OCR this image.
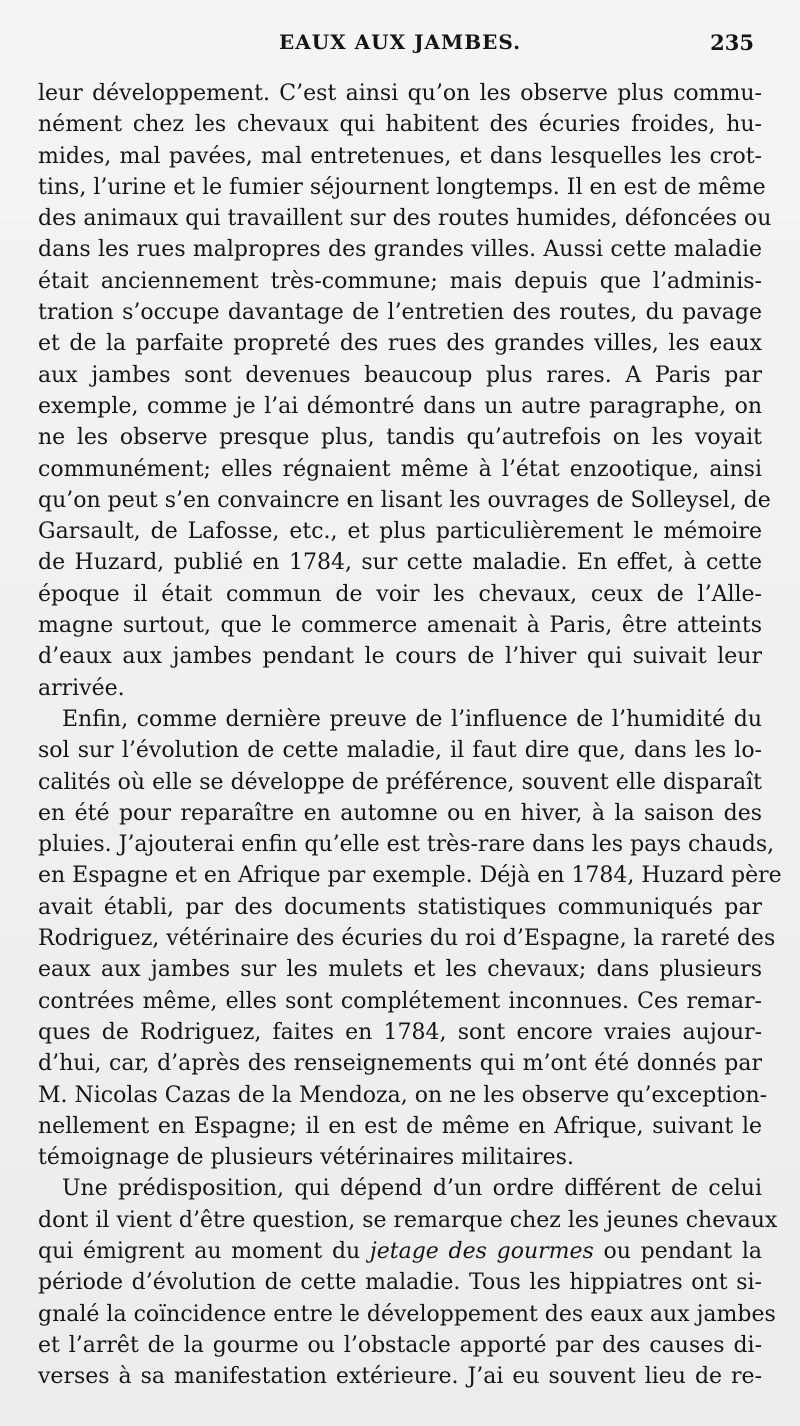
EAUX AUX JAMBES.	235
leur développement. C’est ainsi qu’on les observe plus commu-
nément chez les chevaux qui habitent des écuries froides, hu-
mides, mal pavées, mal entretenues, et dans lesquelles les crot-
tins, l’urine et le fumier séjournent longtemps. Il en est de même
des animaux qui travaillent sur des routes humides, défoncées ou
dans les rues malpropres des grandes villes. Aussi cette maladie
était anciennement très-commune; mais depuis que l’adminis-
tration s’occupe davantage de l’entretien des routes, du pavage
et de la parfaite propreté des rues des grandes villes, les eaux
aux jambes sont devenues beaucoup plus rares. A Paris par
exemple, comme je l’ai démontré dans un autre paragraphe, on
ne les observe presque plus, tandis qu’autrefois on les voyait
communément; elles régnaient même à l’état enzootique, ainsi
qu’on peut s’en convaincre en lisant les ouvrages de Solleysel, de
Garsault, de Lafosse, etc., et plus particulièrement le mémoire
de Huzard, publié en 1784, sur cette maladie. En effet, à cette
époque il était commun de voir les chevaux, ceux de l’Alle-
magne surtout, que le commerce amenait à Paris, être atteints
d’eaux aux jambes pendant le cours de l’hiver qui suivait leur
arrivée.
Enfin, comme dernière preuve de l’influence de l’humidité du
sol sur l’évolution de cette maladie, il faut dire que, dans les lo-
calités où elle se développe de préférence, souvent elle disparaît
en été pour reparaître en automne ou en hiver, à la saison des
pluies. J’ajouterai enfin qu’elle est très-rare dans les pays chauds,
en Espagne et en Afrique par exemple. Déjà en 1784, Huzard père
avait établi, par des documents statistiques communiqués par
Rodriguez, vétérinaire des écuries du roi d’Espagne, la rareté des
eaux aux jambes sur les mulets et les chevaux; dans plusieurs
contrées même, elles sont complétement inconnues. Ces remar-
ques de Rodriguez, faites en 1784, sont encore vraies aujour-
d’hui, car, d’après des renseignements qui m’ont été donnés par
M. Nicolas Cazas de la Mendoza, on ne les observe qu’exception-
nellement en Espagne; il en est de même en Afrique, suivant le
témoignage de plusieurs vétérinaires militaires.
Une prédisposition, qui dépend d’un ordre différent de celui
dont il vient d’être question, se remarque chez les jeunes chevaux
qui émigrent au moment du jetage des gourmes ou pendant la
période d’évolution de cette maladie. Tous les hippiatres ont si-
gnalé la coïncidence entre le développement des eaux aux jambes
et l’arrêt de la gourme ou l’obstacle apporté par des causes di-
verses à sa manifestation extérieure. J’ai eu souvent lieu de re-
